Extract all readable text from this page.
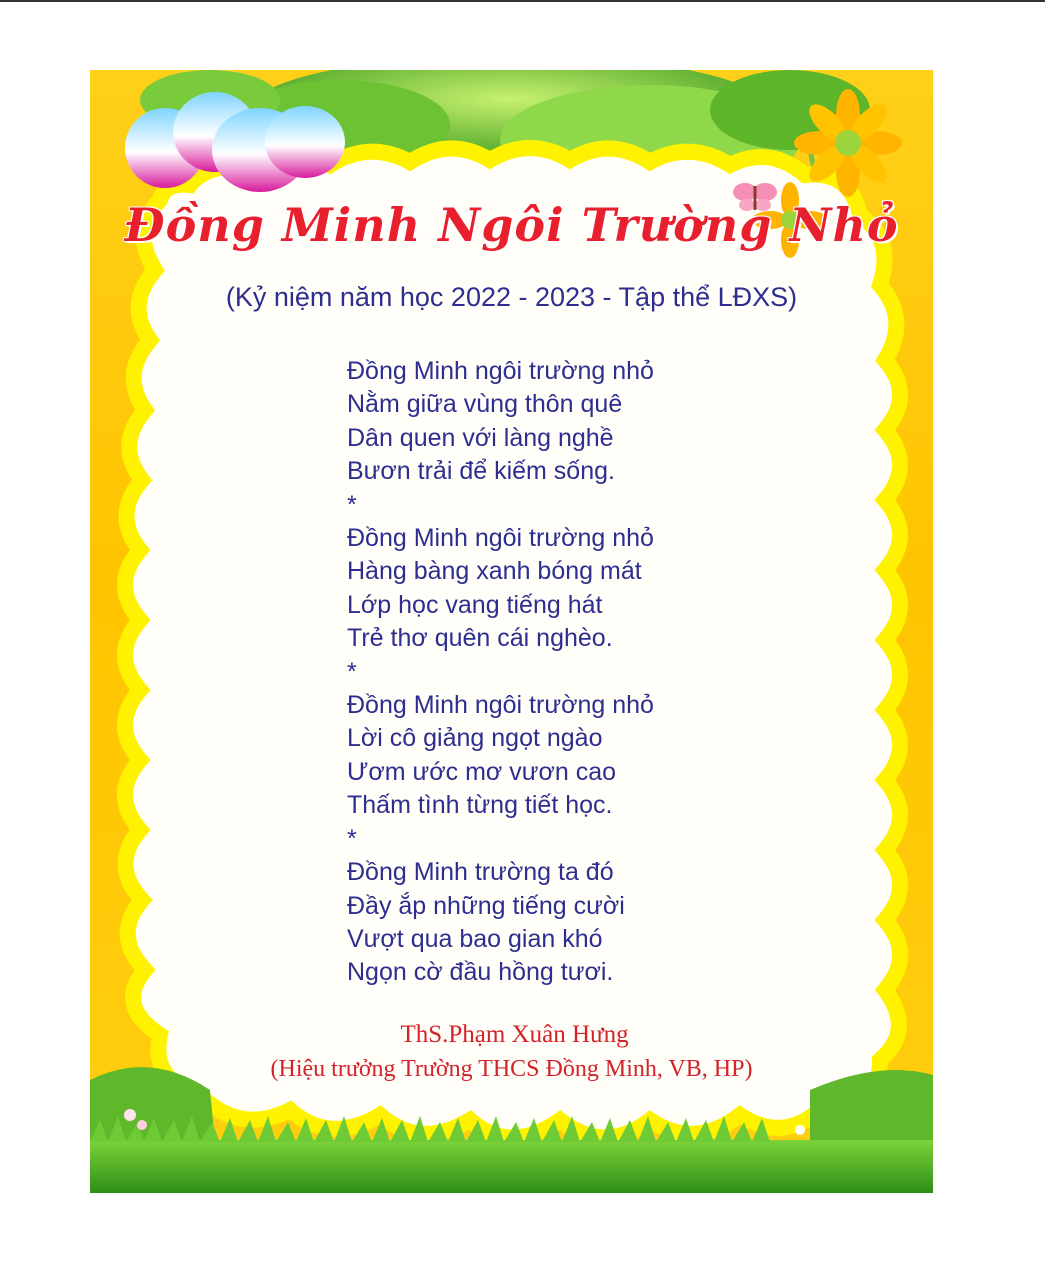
Đồng Minh Ngôi Trường Nhỏ
(Kỷ niệm năm học 2022 - 2023 - Tập thể LĐXS)
Đồng Minh ngôi trường nhỏ
Nằm giữa vùng thôn quê
Dân quen với làng nghề
Bươn trải để kiếm sống.
*
Đồng Minh ngôi trường nhỏ
Hàng bàng xanh bóng mát
Lớp học vang tiếng hát
Trẻ thơ quên cái nghèo.
*
Đồng Minh ngôi trường nhỏ
Lời cô giảng ngọt ngào
Ươm ước mơ vươn cao
Thấm tình từng tiết học.
*
Đồng Minh trường ta đó
Đầy ắp những tiếng cười
Vượt qua bao gian khó
Ngọn cờ đầu hồng tươi.
ThS.Phạm Xuân Hưng
(Hiệu trưởng Trường THCS Đồng Minh, VB, HP)
